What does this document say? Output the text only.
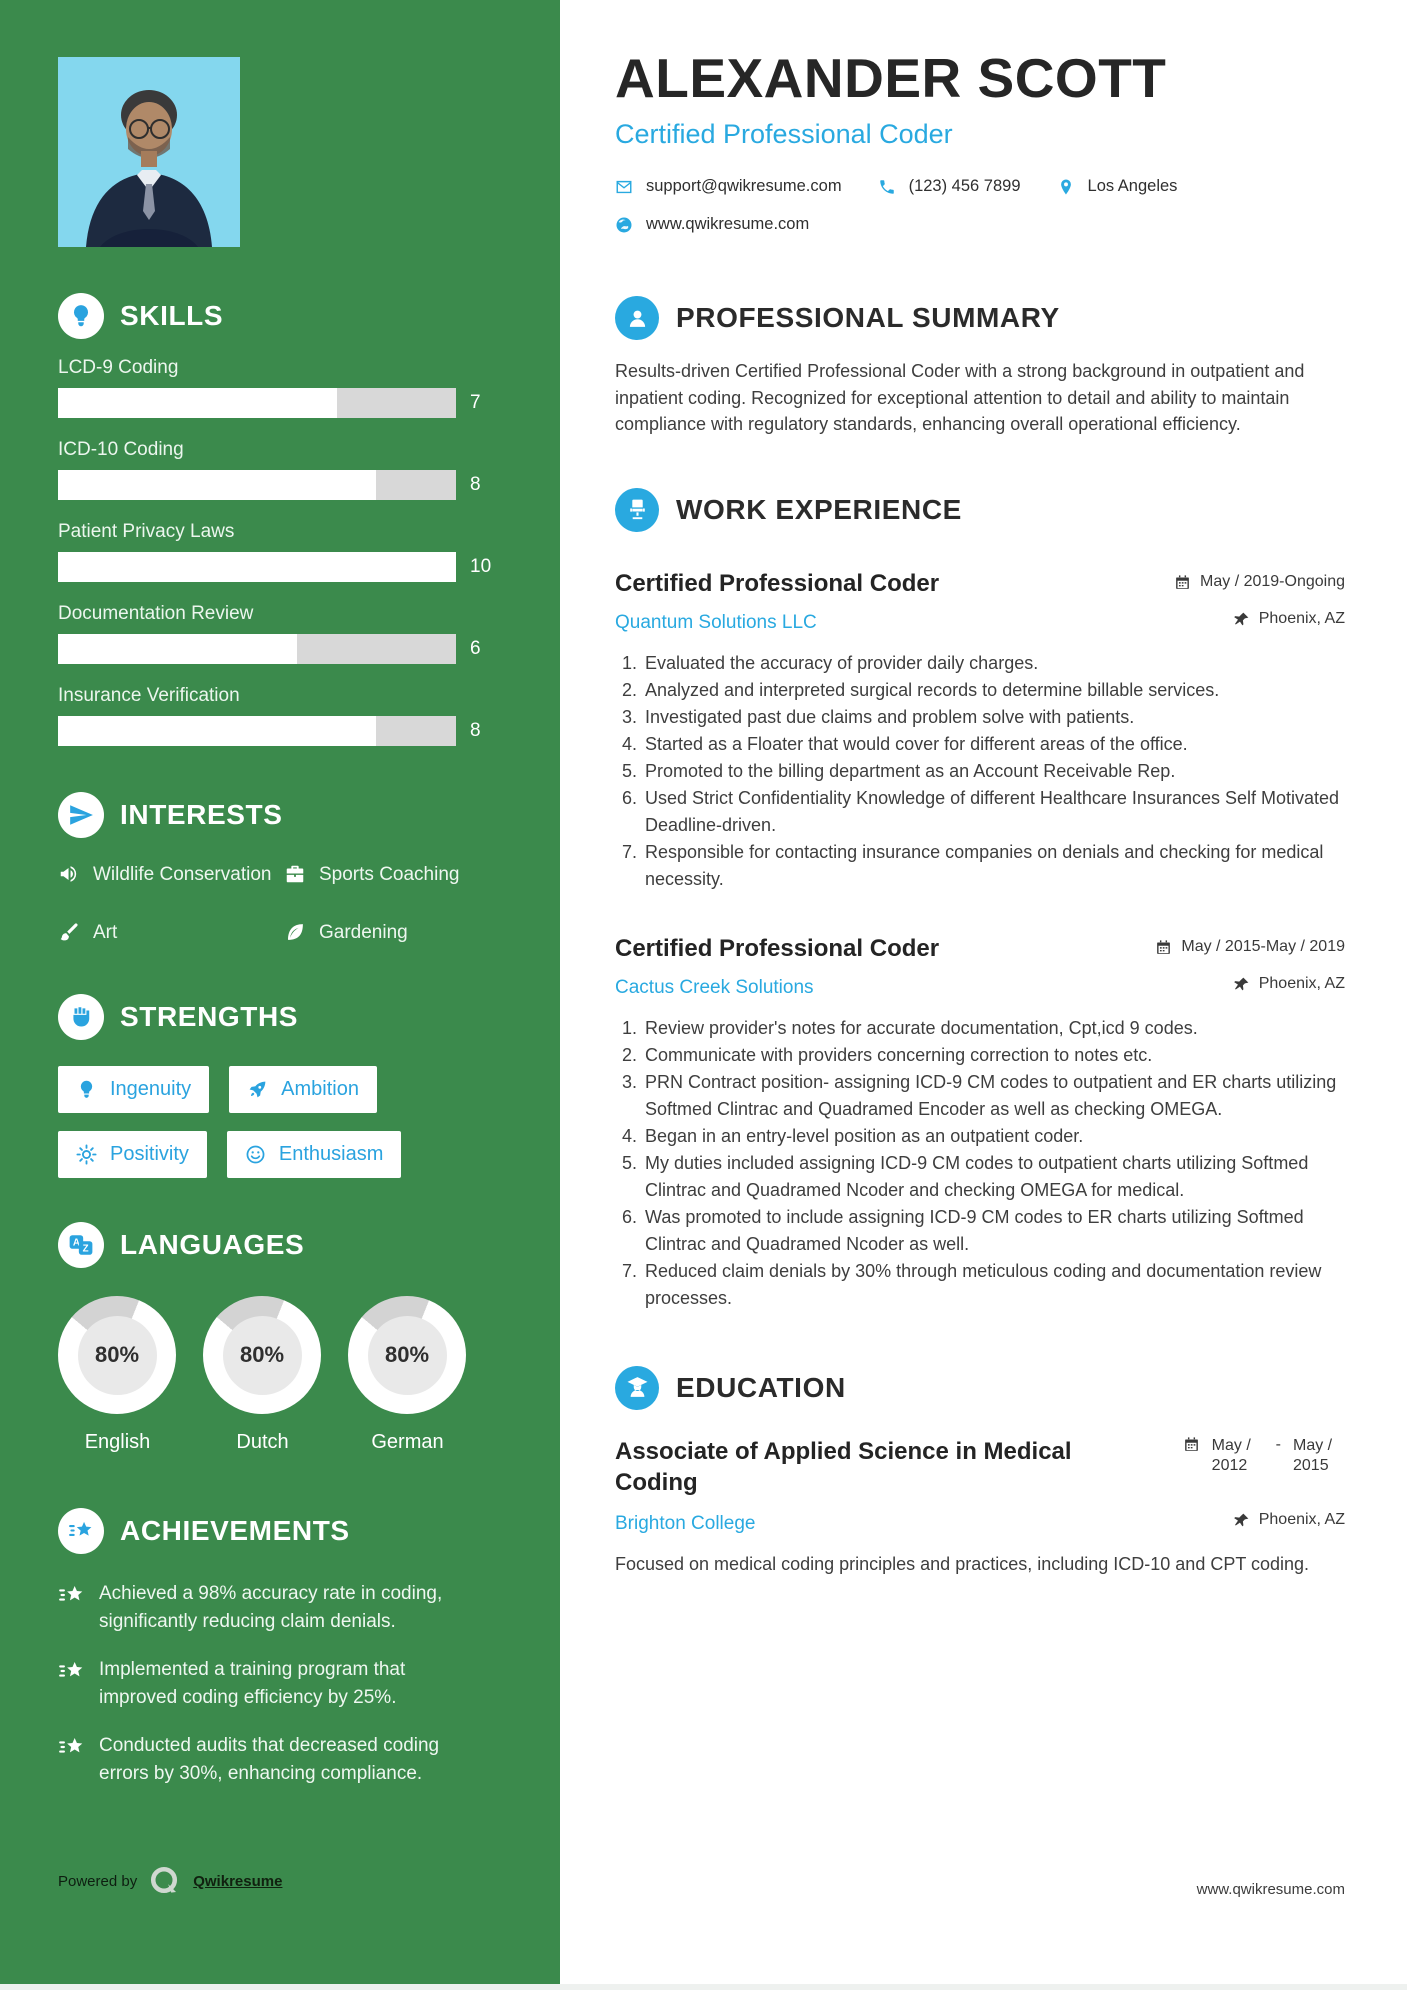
SKILLS
LCD-9 Coding
7
ICD-10 Coding
8
Patient Privacy Laws
10
Documentation Review
6
Insurance Verification
8
INTERESTS
Wildlife Conservation	Sports Coaching
Art	Gardening
STRENGTHS
Ingenuity	Ambition
Positivity	Enthusiasm
LANGUAGES
80%
English
80%
Dutch
80%
German
ACHIEVEMENTS
Achieved a 98% accuracy rate in coding, significantly reducing claim denials.
Implemented a training program that improved coding efficiency by 25%.
Conducted audits that decreased coding errors by 30%, enhancing compliance.
Powered by	Qwikresume
ALEXANDER SCOTT
Certified Professional Coder
support@qwikresume.com	(123) 456 7899	Los Angeles
www.qwikresume.com
PROFESSIONAL SUMMARY

Results-driven Certified Professional Coder with a strong background in outpatient and inpatient coding. Recognized for exceptional attention to detail and ability to maintain compliance with regulatory standards, enhancing overall operational efficiency.

WORK EXPERIENCE
Certified Professional Coder	May / 2019-Ongoing
Quantum Solutions LLC	Phoenix, AZ
1. Evaluated the accuracy of provider daily charges.
2. Analyzed and interpreted surgical records to determine billable services.
3. Investigated past due claims and problem solve with patients.
4. Started as a Floater that would cover for different areas of the office.
5. Promoted to the billing department as an Account Receivable Rep.
6. Used Strict Confidentiality Knowledge of different Healthcare Insurances Self Motivated Deadline-driven.
7. Responsible for contacting insurance companies on denials and checking for medical necessity.
Certified Professional Coder	May / 2015-May / 2019
Cactus Creek Solutions	Phoenix, AZ
1. Review provider's notes for accurate documentation, Cpt,icd 9 codes.
2. Communicate with providers concerning correction to notes etc.
3. PRN Contract position- assigning ICD-9 CM codes to outpatient and ER charts utilizing Softmed Clintrac and Quadramed Encoder as well as checking OMEGA.
4. Began in an entry-level position as an outpatient coder.
5. My duties included assigning ICD-9 CM codes to outpatient charts utilizing Softmed Clintrac and Quadramed Ncoder and checking OMEGA for medical.
6. Was promoted to include assigning ICD-9 CM codes to ER charts utilizing Softmed Clintrac and Quadramed Ncoder as well.
7. Reduced claim denials by 30% through meticulous coding and documentation review processes.
EDUCATION
Associate of Applied Science in Medical Coding
May / 2012
- May / 2015
Brighton College	Phoenix, AZ

Focused on medical coding principles and practices, including ICD-10 and CPT coding.

www.qwikresume.com
